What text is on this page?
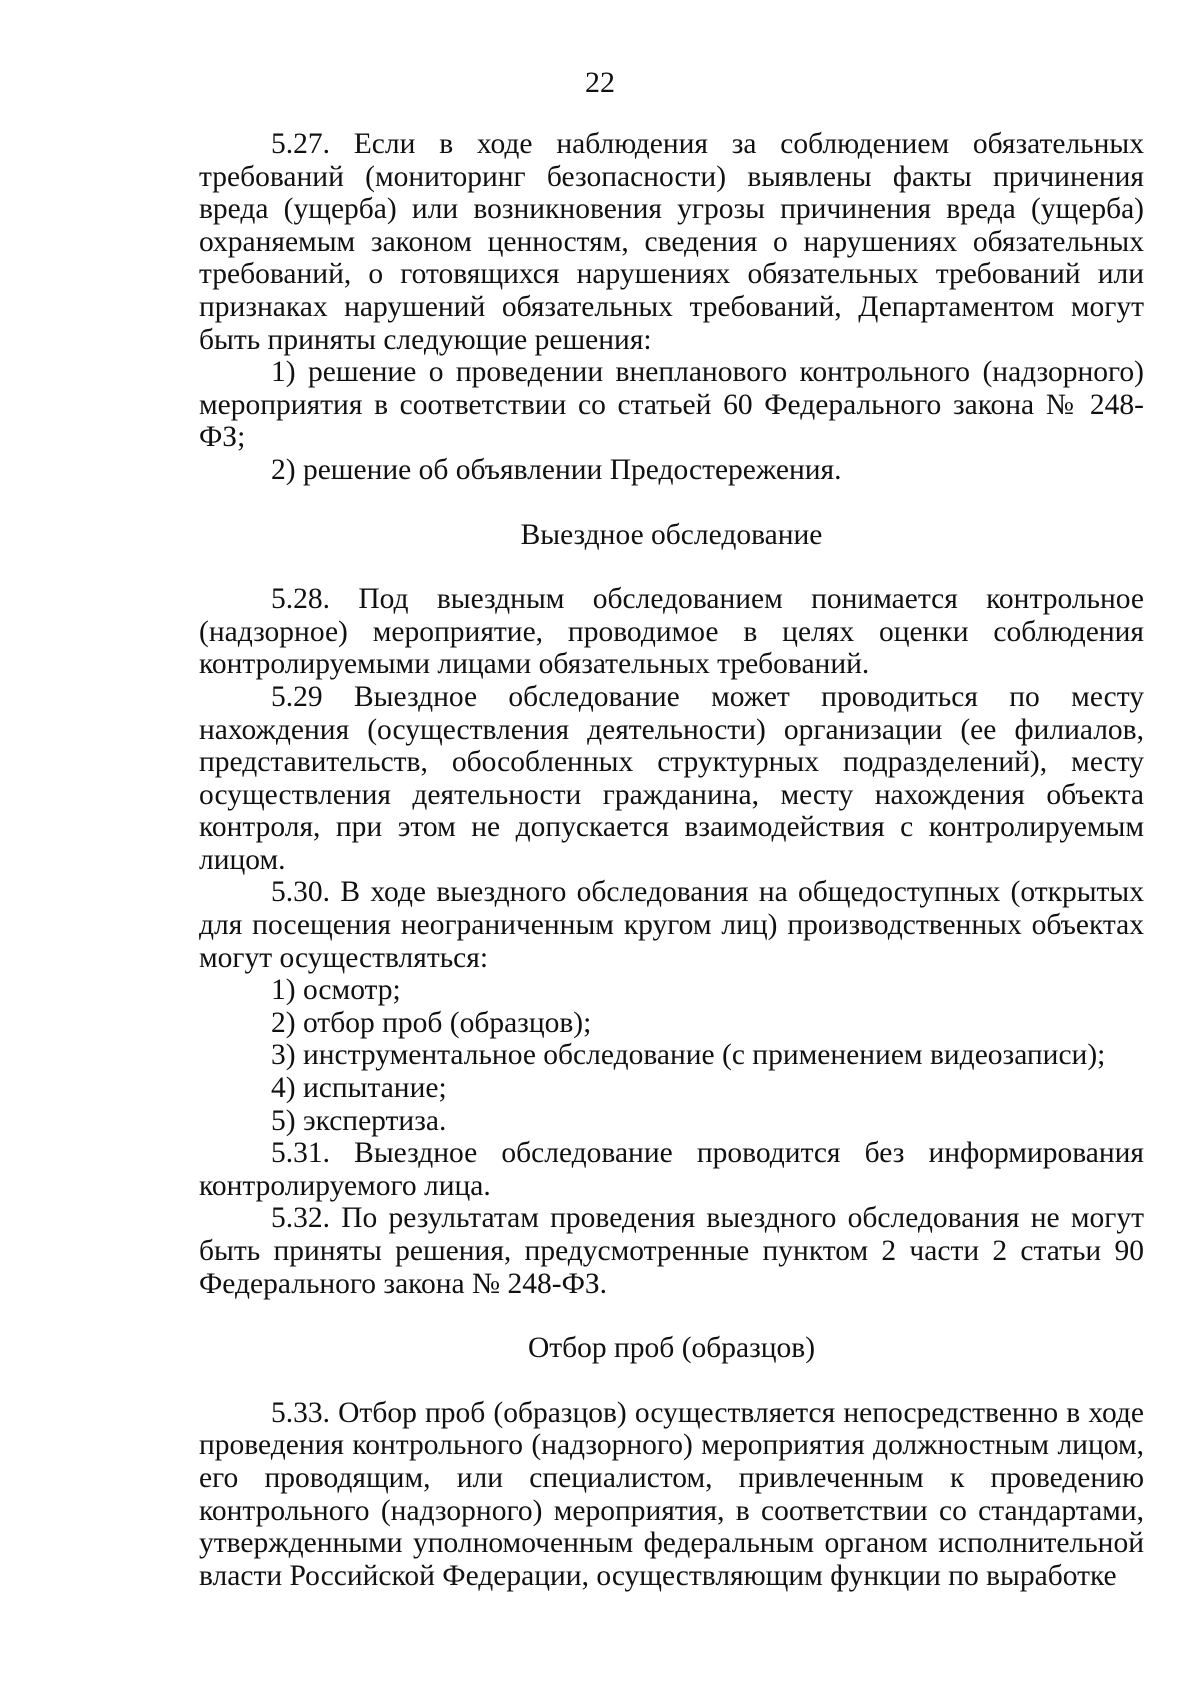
22

5.27. Если в ходе наблюдения за соблюдением обязательных требований (мониторинг безопасности) выявлены факты причинения вреда (ущерба) или возникновения угрозы причинения вреда (ущерба) охраняемым законом ценностям, сведения о нарушениях обязательных требований, о готовящихся нарушениях обязательных требований или признаках нарушений обязательных требований, Департаментом могут быть приняты следующие решения:

1) решение о проведении внепланового контрольного (надзорного) мероприятия в соответствии со статьей 60 Федерального закона № 248-ФЗ;

2) решение об объявлении Предостережения.

Выездное обследование

5.28. Под выездным обследованием понимается контрольное (надзорное) мероприятие, проводимое в целях оценки соблюдения контролируемыми лицами обязательных требований.

5.29 Выездное обследование может проводиться по месту нахождения (осуществления деятельности) организации (ее филиалов, представительств, обособленных структурных подразделений), месту осуществления деятельности гражданина, месту нахождения объекта контроля, при этом не допускается взаимодействия с контролируемым лицом.

5.30. В ходе выездного обследования на общедоступных (открытых для посещения неограниченным кругом лиц) производственных объектах могут осуществляться:

1) осмотр;

2) отбор проб (образцов);

3) инструментальное обследование (с применением видеозаписи);

4) испытание;

5) экспертиза.

5.31. Выездное обследование проводится без информирования контролируемого лица.

5.32. По результатам проведения выездного обследования не могут быть приняты решения, предусмотренные пунктом 2 части 2 статьи 90 Федерального закона № 248-ФЗ.

Отбор проб (образцов)

5.33. Отбор проб (образцов) осуществляется непосредственно в ходе проведения контрольного (надзорного) мероприятия должностным лицом, его проводящим, или специалистом, привлеченным к проведению контрольного (надзорного) мероприятия, в соответствии со стандартами, утвержденными уполномоченным федеральным органом исполнительной власти Российской Федерации, осуществляющим функции по выработке
